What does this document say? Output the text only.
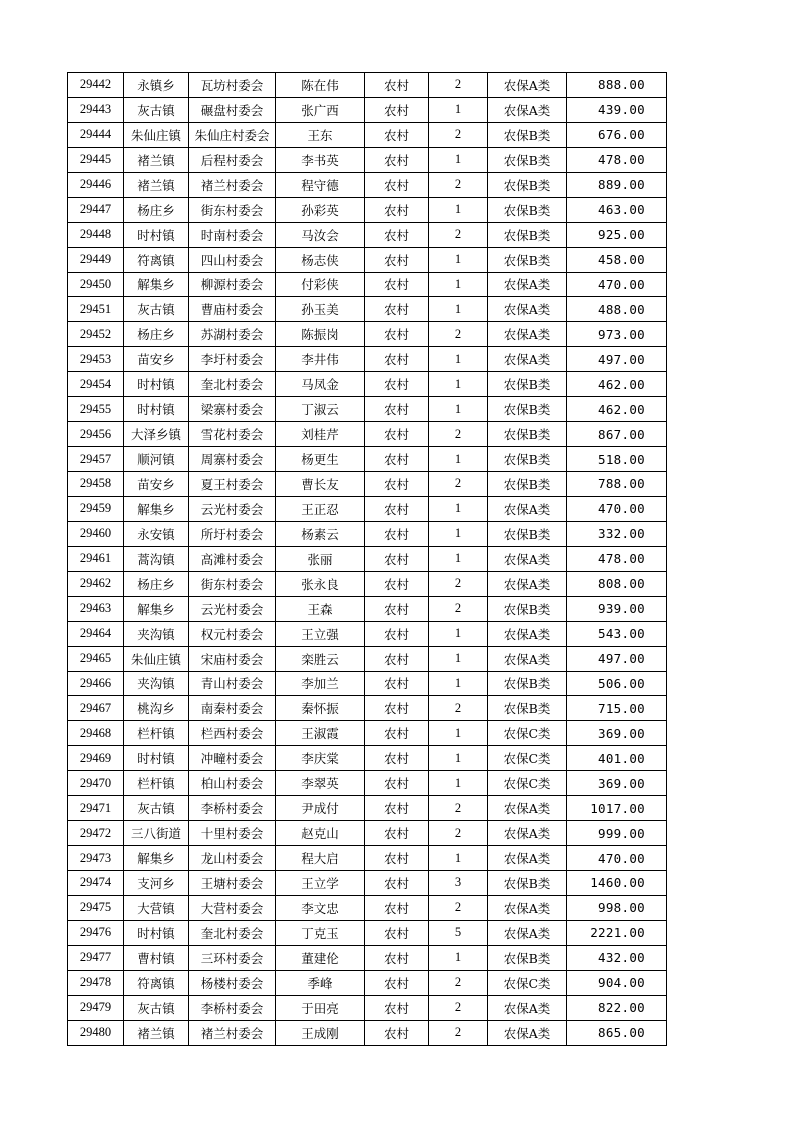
29442	永镇乡	瓦坊村委会	陈在伟	农村	2	农保A类	888.00
29443	灰古镇	碾盘村委会	张广西	农村	1	农保A类	439.00
29444	朱仙庄镇	朱仙庄村委会	王东	农村	2	农保B类	676.00
29445	褚兰镇	后程村委会	李书英	农村	1	农保B类	478.00
29446	褚兰镇	褚兰村委会	程守德	农村	2	农保B类	889.00
29447	杨庄乡	街东村委会	孙彩英	农村	1	农保B类	463.00
29448	时村镇	时南村委会	马汝会	农村	2	农保B类	925.00
29449	符离镇	四山村委会	杨志侠	农村	1	农保B类	458.00
29450	解集乡	柳源村委会	付彩侠	农村	1	农保A类	470.00
29451	灰古镇	曹庙村委会	孙玉美	农村	1	农保A类	488.00
29452	杨庄乡	苏湖村委会	陈振岗	农村	2	农保A类	973.00
29453	苗安乡	李圩村委会	李井伟	农村	1	农保A类	497.00
29454	时村镇	奎北村委会	马凤金	农村	1	农保B类	462.00
29455	时村镇	梁寨村委会	丁淑云	农村	1	农保B类	462.00
29456	大泽乡镇	雪花村委会	刘桂芹	农村	2	农保B类	867.00
29457	顺河镇	周寨村委会	杨更生	农村	1	农保B类	518.00
29458	苗安乡	夏王村委会	曹长友	农村	2	农保B类	788.00
29459	解集乡	云光村委会	王正忍	农村	1	农保A类	470.00
29460	永安镇	所圩村委会	杨素云	农村	1	农保B类	332.00
29461	蒿沟镇	高滩村委会	张丽	农村	1	农保A类	478.00
29462	杨庄乡	街东村委会	张永良	农村	2	农保A类	808.00
29463	解集乡	云光村委会	王森	农村	2	农保B类	939.00
29464	夹沟镇	权元村委会	王立强	农村	1	农保A类	543.00
29465	朱仙庄镇	宋庙村委会	栾胜云	农村	1	农保A类	497.00
29466	夹沟镇	青山村委会	李加兰	农村	1	农保B类	506.00
29467	桃沟乡	南秦村委会	秦怀振	农村	2	农保B类	715.00
29468	栏杆镇	栏西村委会	王淑霞	农村	1	农保C类	369.00
29469	时村镇	冲疃村委会	李庆棠	农村	1	农保C类	401.00
29470	栏杆镇	柏山村委会	李翠英	农村	1	农保C类	369.00
29471	灰古镇	李桥村委会	尹成付	农村	2	农保A类	1017.00
29472	三八街道	十里村委会	赵克山	农村	2	农保A类	999.00
29473	解集乡	龙山村委会	程大启	农村	1	农保A类	470.00
29474	支河乡	王塘村委会	王立学	农村	3	农保B类	1460.00
29475	大营镇	大营村委会	李文忠	农村	2	农保A类	998.00
29476	时村镇	奎北村委会	丁克玉	农村	5	农保A类	2221.00
29477	曹村镇	三环村委会	董建伦	农村	1	农保B类	432.00
29478	符离镇	杨楼村委会	季峰	农村	2	农保C类	904.00
29479	灰古镇	李桥村委会	于田亮	农村	2	农保A类	822.00
29480	褚兰镇	褚兰村委会	王成刚	农村	2	农保A类	865.00
